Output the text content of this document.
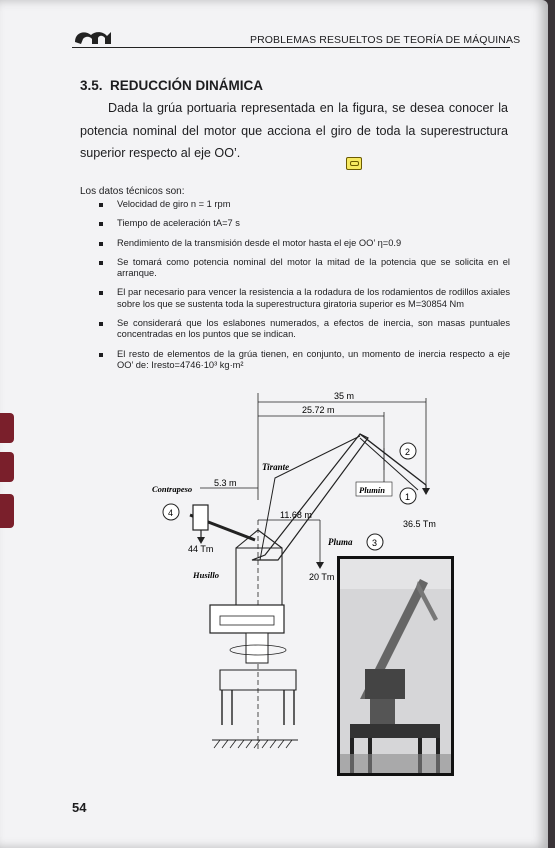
PROBLEMAS RESUELTOS DE TEORÍA DE MÁQUINAS
3.5. REDUCCIÓN DINÁMICA
Dada la grúa portuaria representada en la figura, se desea conocer la potencia nominal del motor que acciona el giro de toda la superestructura superior respecto al eje OO’.
Los datos técnicos son:
Velocidad de giro n = 1 rpm
Tiempo de aceleración tA=7 s
Rendimiento de la transmisión desde el motor hasta el eje OO’ η=0.9
Se tomará como potencia nominal del motor la mitad de la potencia que se solicita en el arranque.
El par necesario para vencer la resistencia a la rodadura de los rodamientos de rodillos axiales sobre los que se sustenta toda la superestructura giratoria superior es M=30854 Nm
Se considerará que los eslabones numerados, a efectos de inercia, son masas puntuales concentradas en los puntos que se indican.
El resto de elementos de la grúa tienen, en conjunto, un momento de inercia respecto a eje OO’ de: Iresto=4746·10³ kg·m²
35 m
25.72 m
5.3 m
11.68 m
Tirante
Contrapeso	Plumín
Pluma
Husillo
36.5 Tm
44 Tm
20 Tm
1
2
3
4
54
